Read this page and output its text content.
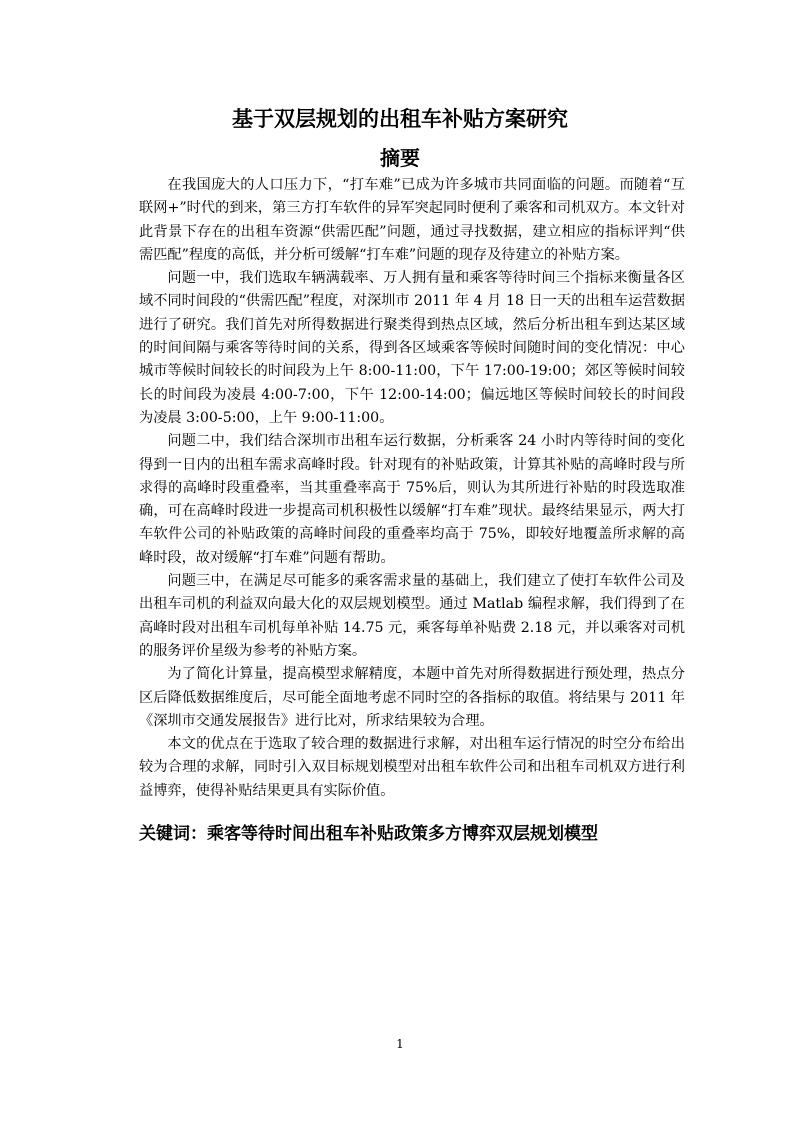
基于双层规划的出租车补贴方案研究
摘要

在我国庞大的人口压力下，“打车难”已成为许多城市共同面临的问题。而随着“互联网+”时代的到来，第三方打车软件的异军突起同时便利了乘客和司机双方。本文针对此背景下存在的出租车资源“供需匹配”问题，通过寻找数据，建立相应的指标评判“供需匹配”程度的高低，并分析可缓解“打车难”问题的现存及待建立的补贴方案。

问题一中，我们选取车辆满载率、万人拥有量和乘客等待时间三个指标来衡量各区域不同时间段的“供需匹配”程度，对深圳市 2011 年 4 月 18 日一天的出租车运营数据进行了研究。我们首先对所得数据进行聚类得到热点区域，然后分析出租车到达某区域的时间间隔与乘客等待时间的关系，得到各区域乘客等候时间随时间的变化情况：中心城市等候时间较长的时间段为上午 8:00-11:00，下午 17:00-19:00；郊区等候时间较长的时间段为凌晨 4:00-7:00，下午 12:00-14:00；偏远地区等候时间较长的时间段为凌晨 3:00-5:00，上午 9:00-11:00。

问题二中，我们结合深圳市出租车运行数据，分析乘客 24 小时内等待时间的变化得到一日内的出租车需求高峰时段。针对现有的补贴政策，计算其补贴的高峰时段与所求得的高峰时段重叠率，当其重叠率高于 75%后，则认为其所进行补贴的时段选取准确，可在高峰时段进一步提高司机积极性以缓解“打车难”现状。最终结果显示，两大打车软件公司的补贴政策的高峰时间段的重叠率均高于 75%，即较好地覆盖所求解的高峰时段，故对缓解“打车难”问题有帮助。

问题三中，在满足尽可能多的乘客需求量的基础上，我们建立了使打车软件公司及出租车司机的利益双向最大化的双层规划模型。通过 Matlab 编程求解，我们得到了在高峰时段对出租车司机每单补贴 14.75 元，乘客每单补贴费 2.18 元，并以乘客对司机的服务评价星级为参考的补贴方案。

为了简化计算量，提高模型求解精度，本题中首先对所得数据进行预处理，热点分区后降低数据维度后，尽可能全面地考虑不同时空的各指标的取值。将结果与 2011 年《深圳市交通发展报告》进行比对，所求结果较为合理。

本文的优点在于选取了较合理的数据进行求解，对出租车运行情况的时空分布给出较为合理的求解，同时引入双目标规划模型对出租车软件公司和出租车司机双方进行利益博弈，使得补贴结果更具有实际价值。

关键词：乘客等待时间出租车补贴政策多方博弈双层规划模型
1
